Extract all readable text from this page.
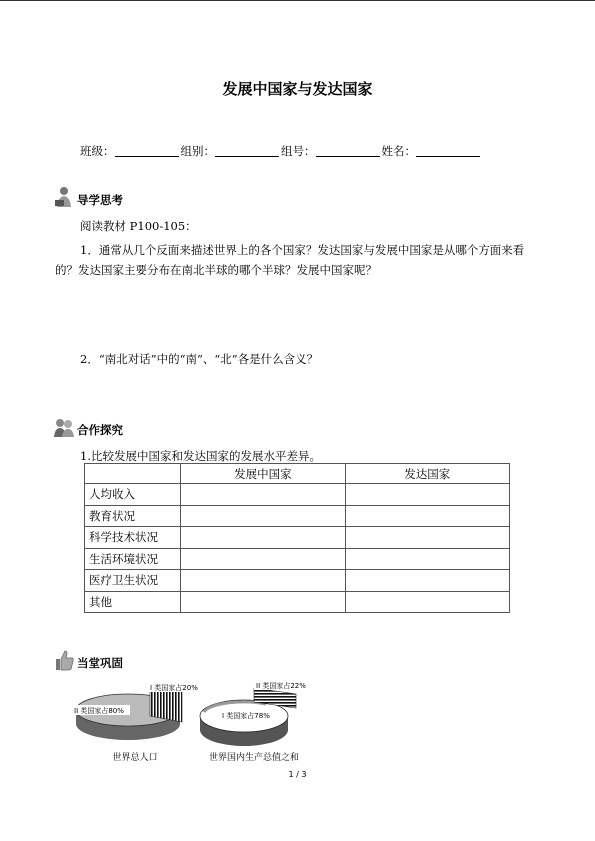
发展中国家与发达国家
班级：	组别：	组号：	姓名：
导学思考
阅读教材 P100-105：
1．通常从几个反面来描述世界上的各个国家？发达国家与发展中国家是从哪个方面来看
的？发达国家主要分布在南北半球的哪个半球？发展中国家呢？
2．“南北对话”中的“南”、“北”各是什么含义？
合作探究
1.比较发展中国家和发达国家的发展水平差异。
	发展中国家	发达国家
人均收入		
教育状况		
科学技术状况		
生活环境状况		
医疗卫生状况		
其他		
当堂巩固
I 类国家占20%
II 类国家占80%
世界总人口
II 类国家占22%
I 类国家占78%
世界国内生产总值之和
1 / 3
